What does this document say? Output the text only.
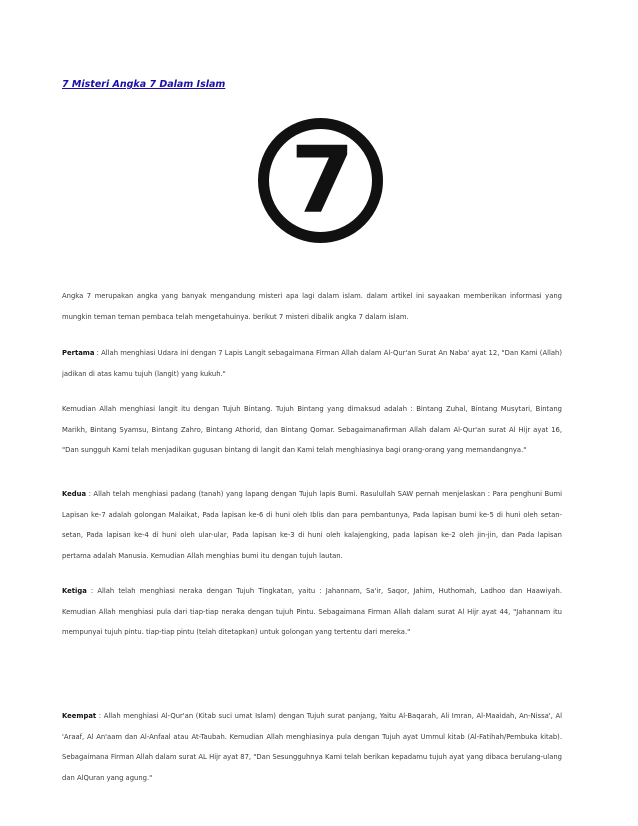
7 Misteri Angka 7 Dalam Islam
7

Angka 7 merupakan angka yang banyak mengandung misteri apa lagi dalam islam. dalam artikel ini sayaakan memberikan informasi yang mungkin teman teman pembaca telah mengetahuinya. berikut 7 misteri dibalik angka 7 dalam islam.

Pertama : Allah menghiasi Udara ini dengan 7 Lapis Langit sebagaimana Firman Allah dalam Al-Qur'an Surat An Naba' ayat 12, "Dan Kami (Allah) jadikan di atas kamu tujuh (langit) yang kukuh."

Kemudian Allah menghiasi langit itu dengan Tujuh Bintang. Tujuh Bintang yang dimaksud adalah : Bintang Zuhal, Bintang Musytari, Bintang Marikh, Bintang Syamsu, Bintang Zahro, Bintang Athorid, dan Bintang Qomar. Sebagaimanafirman Allah dalam Al-Qur'an surat Al Hijr ayat 16, "Dan sungguh Kami telah menjadikan gugusan bintang di langit dan Kami telah menghiasinya bagi orang-orang yang memandangnya."

Kedua : Allah telah menghiasi padang (tanah) yang lapang dengan Tujuh lapis Bumi. Rasulullah SAW pernah menjelaskan : Para penghuni Bumi Lapisan ke-7 adalah golongan Malaikat, Pada lapisan ke-6 di huni oleh Iblis dan para pembantunya, Pada lapisan bumi ke-5 di huni oleh setan-setan, Pada lapisan ke-4 di huni oleh ular-ular, Pada lapisan ke-3 di huni oleh kalajengking, pada lapisan ke-2 oleh jin-jin, dan Pada lapisan pertama adalah Manusia. Kemudian Allah menghias bumi itu dengan tujuh lautan.

Ketiga : Allah telah menghiasi neraka dengan Tujuh Tingkatan, yaitu : Jahannam, Sa'ir, Saqor, Jahim, Huthomah, Ladhoo dan Haawiyah. Kemudian Allah menghiasi pula dari tiap-tiap neraka dengan tujuh Pintu. Sebagaimana Firman Allah dalam surat Al Hijr ayat 44, "Jahannam itu mempunyai tujuh pintu. tiap-tiap pintu (telah ditetapkan) untuk golongan yang tertentu dari mereka."

Keempat : Allah menghiasi Al-Qur'an (Kitab suci umat Islam) dengan Tujuh surat panjang, Yaitu Al-Baqarah, Ali Imran, Al-Maaidah, An-Nissa', Al 'Araaf, Al An'aam dan Al-Anfaal atau At-Taubah. Kemudian Allah menghiasinya pula dengan Tujuh ayat Ummul kitab (Al-Fatihah/Pembuka kitab). Sebagaimana Firman Allah dalam surat AL Hijr ayat 87, "Dan Sesungguhnya Kami telah berikan kepadamu tujuh ayat yang dibaca berulang-ulang dan AlQuran yang agung."
